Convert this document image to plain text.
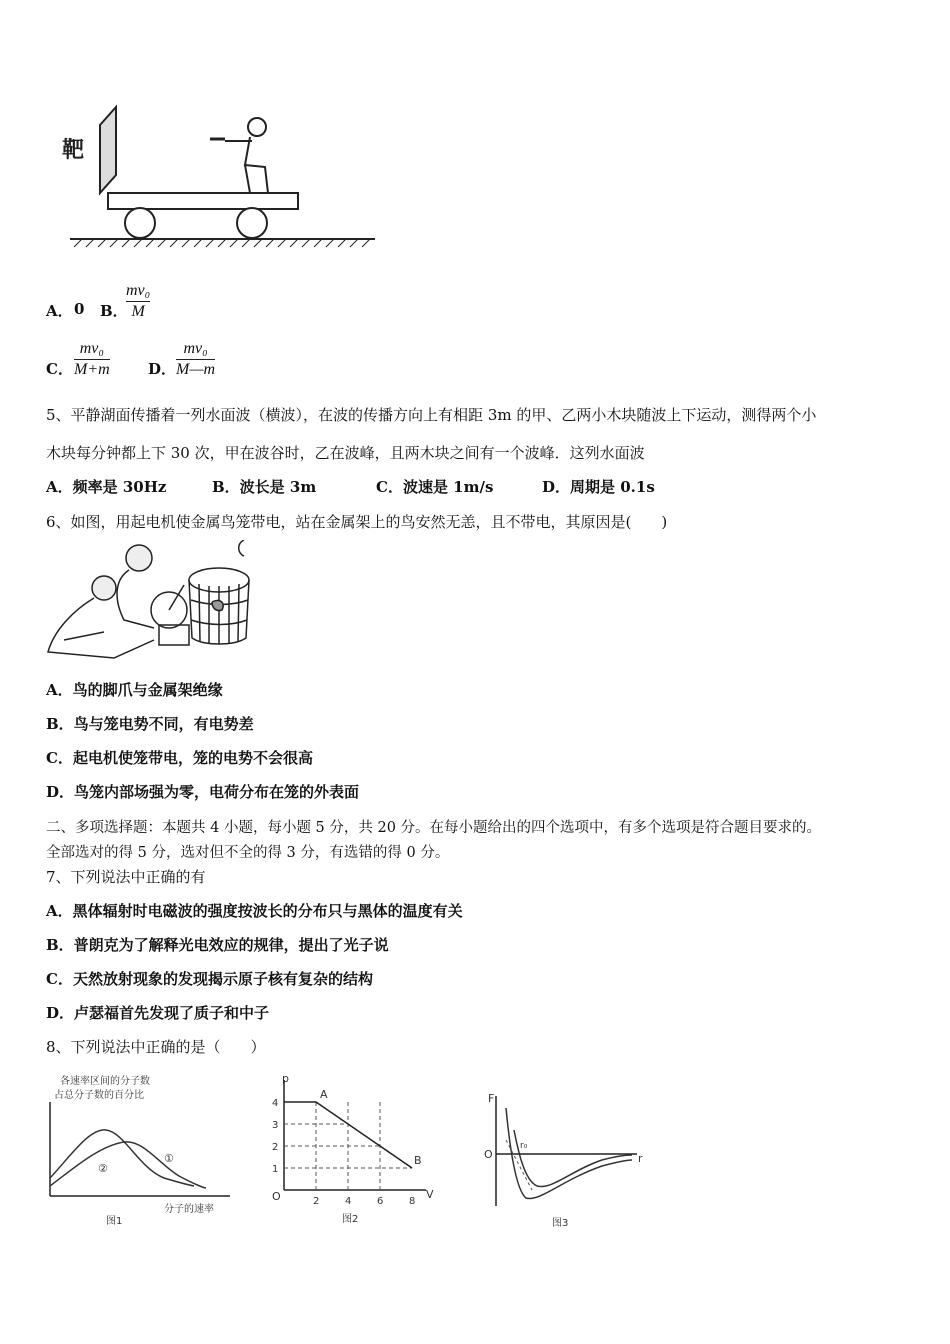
靶
A． 0 B．
mv₀
M
C．
mv₀
M+m	D．
mv₀
M—m
5、平静湖面传播着一列水面波（横波），在波的传播方向上有相距 3m 的甲、乙两小木块随波上下运动，测得两个小
木块每分钟都上下 30 次，甲在波谷时，乙在波峰，且两木块之间有一个波峰．这列水面波
A．频率是 30Hz	B．波长是 3m	C．波速是 1m/s	D．周期是 0.1s
6、如图，用起电机使金属鸟笼带电，站在金属架上的鸟安然无恙，且不带电，其原因是(　　)
A．鸟的脚爪与金属架绝缘
B．鸟与笼电势不同，有电势差
C．起电机使笼带电，笼的电势不会很高
D．鸟笼内部场强为零，电荷分布在笼的外表面
二、多项选择题：本题共 4 小题，每小题 5 分，共 20 分。在每小题给出的四个选项中，有多个选项是符合题目要求的。
全部选对的得 5 分，选对但不全的得 3 分，有选错的得 0 分。
7、下列说法中正确的有
A．黑体辐射时电磁波的强度按波长的分布只与黑体的温度有关
B．普朗克为了解释光电效应的规律，提出了光子说
C．天然放射现象的发现揭示原子核有复杂的结构
D．卢瑟福首先发现了质子和中子
8、下列说法中正确的是（　　）
各速率区间的分子数
占总分子数的百分比
①
②
分子的速率
图1
p
V
O
4
3
2
1
2	4	6	8
A
B
图2
F
r
O
r₀
图3
